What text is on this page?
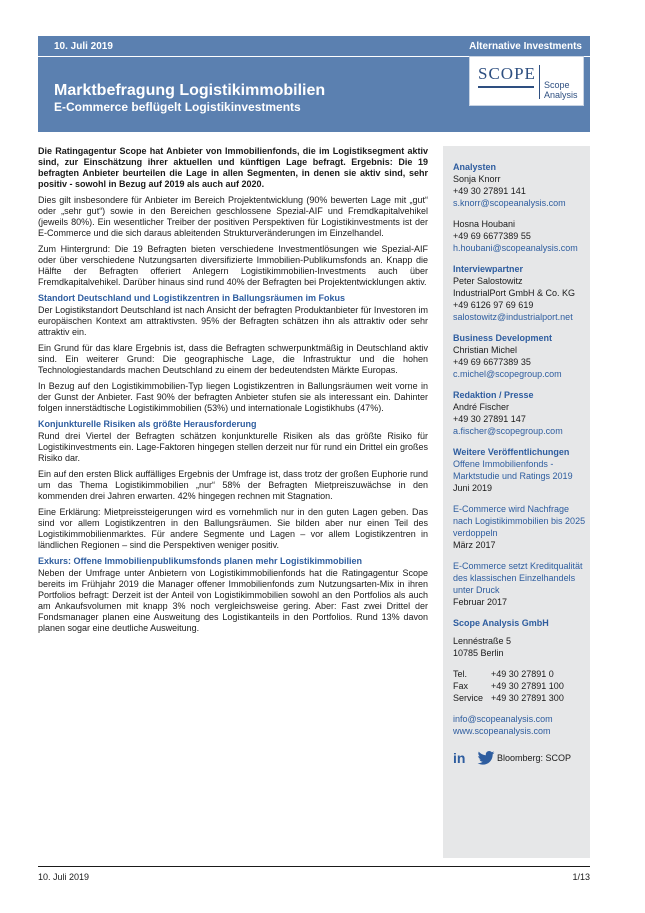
10. Juli 2019	Alternative Investments
Marktbefragung Logistikimmobilien
E-Commerce beflügelt Logistikinvestments
SCOPE
Scope
Analysis

Die Ratingagentur Scope hat Anbieter von Immobilienfonds, die im Logistiksegment aktiv sind, zur Einschätzung ihrer aktuellen und künftigen Lage befragt. Ergebnis: Die 19 befragten Anbieter beurteilen die Lage in allen Segmenten, in denen sie aktiv sind, sehr positiv - sowohl in Bezug auf 2019 als auch auf 2020.

Dies gilt insbesondere für Anbieter im Bereich Projektentwicklung (90% bewerten Lage mit „gut“ oder „sehr gut“) sowie in den Bereichen geschlossene Spezial-AIF und Fremdkapitalvehikel (jeweils 80%). Ein wesentlicher Treiber der positiven Perspektiven für Logistikinvestments ist der E-Commerce und die sich daraus ableitenden Strukturveränderungen im Einzelhandel.

Zum Hintergrund: Die 19 Befragten bieten verschiedene Investmentlösungen wie Spezial-AIF oder über verschiedene Nutzungsarten diversifizierte Immobilien-Publikumsfonds an. Knapp die Hälfte der Befragten offeriert Anlegern Logistikimmobilien-Investments auch über Fremdkapitalvehikel. Darüber hinaus sind rund 40% der Befragten bei Projektentwicklungen aktiv.

Standort Deutschland und Logistikzentren in Ballungsräumen im Fokus

Der Logistikstandort Deutschland ist nach Ansicht der befragten Produktanbieter für Investoren im europäischen Kontext am attraktivsten. 95% der Befragten schätzen ihn als attraktiv oder sehr attraktiv ein.

Ein Grund für das klare Ergebnis ist, dass die Befragten schwerpunktmäßig in Deutschland aktiv sind. Ein weiterer Grund: Die geographische Lage, die Infrastruktur und die hohen Technologiestandards machen Deutschland zu einem der bedeutendsten Märkte Europas.

In Bezug auf den Logistikimmobilien-Typ liegen Logistikzentren in Ballungsräumen weit vorne in der Gunst der Anbieter. Fast 90% der befragten Anbieter stufen sie als interessant ein. Dahinter folgen innerstädtische Logistikimmobilien (53%) und internationale Logistikhubs (47%).

Konjunkturelle Risiken als größte Herausforderung

Rund drei Viertel der Befragten schätzen konjunkturelle Risiken als das größte Risiko für Logistikinvestments ein. Lage-Faktoren hingegen stellen derzeit nur für rund ein Drittel ein großes Risiko dar.

Ein auf den ersten Blick auffälliges Ergebnis der Umfrage ist, dass trotz der großen Euphorie rund um das Thema Logistikimmobilien „nur“ 58% der Befragten Mietpreiszuwächse in den kommenden drei Jahren erwarten. 42% hingegen rechnen mit Stagnation.

Eine Erklärung: Mietpreissteigerungen wird es vornehmlich nur in den guten Lagen geben. Das sind vor allem Logistikzentren in den Ballungsräumen. Sie bilden aber nur einen Teil des Logistikimmobilienmarktes. Für andere Segmente und Lagen – vor allem Logistikzentren in ländlichen Regionen – sind die Perspektiven weniger positiv.

Exkurs: Offene Immobilienpublikumsfonds planen mehr Logistikimmobilien

Neben der Umfrage unter Anbietern von Logistikimmobilienfonds hat die Ratingagentur Scope bereits im Frühjahr 2019 die Manager offener Immobilienfonds zum Nutzungsarten-Mix in ihren Portfolios befragt: Derzeit ist der Anteil von Logistikimmobilien sowohl an den Portfolios als auch am Ankaufsvolumen mit knapp 3% noch vergleichsweise gering. Aber: Fast zwei Drittel der Fondsmanager planen eine Ausweitung des Logistikanteils in den Portfolios. Rund 13% davon planen sogar eine deutliche Ausweitung.

Analysten
Sonja Knorr
+49 30 27891 141
s.knorr@scopeanalysis.com
Hosna Houbani
+49 69 6677389 55
h.houbani@scopeanalysis.com
Interviewpartner
Peter Salostowitz
IndustrialPort GmbH & Co. KG
+49 6126 97 69 619
salostowitz@industrialport.net
Business Development
Christian Michel
+49 69 6677389 35
c.michel@scopegroup.com
Redaktion / Presse
André Fischer
+49 30 27891 147
a.fischer@scopegroup.com
Weitere Veröffentlichungen
Offene Immobilienfonds -
Marktstudie und Ratings 2019
Juni 2019
E-Commerce wird Nachfrage
nach Logistikimmobilien bis 2025
verdoppeln
März 2017
E-Commerce setzt Kreditqualität
des klassischen Einzelhandels
unter Druck
Februar 2017
Scope Analysis GmbH
Lennéstraße 5
10785 Berlin
Tel.	+49 30 27891 0
Fax	+49 30 27891 100
Service +49 30 27891 300
info@scopeanalysis.com
www.scopeanalysis.com
in	Bloomberg: SCOP
10. Juli 2019	1/13
